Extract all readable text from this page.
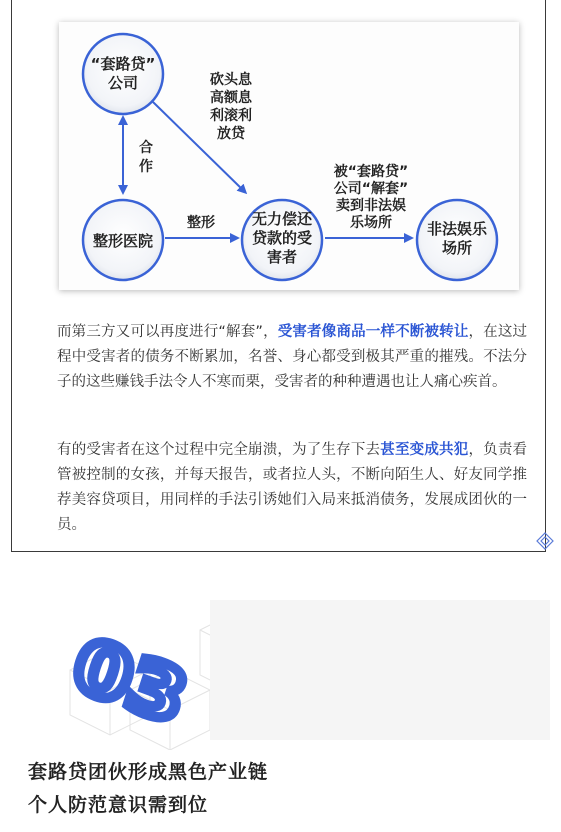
“套路贷”
公司
整形医院
无力偿还
贷款的受
害者
非法娱乐
场所
砍头息
高额息
利滚利
放贷
合
作
整形
被“套路贷”
公司“解套”
卖到非法娱
乐场所
而第三方又可以再度进行“解套”，受害者像商品一样不断被转让，在这过程中受害者的债务不断累加，名誉、身心都受到极其严重的摧残。不法分子的这些赚钱手法令人不寒而栗，受害者的种种遭遇也让人痛心疾首。
有的受害者在这个过程中完全崩溃，为了生存下去甚至变成共犯，负责看管被控制的女孩，并每天报告，或者拉人头，不断向陌生人、好友同学推荐美容贷项目，用同样的手法引诱她们入局来抵消债务，发展成团伙的一员。
03
套路贷团伙形成黑色产业链
个人防范意识需到位
